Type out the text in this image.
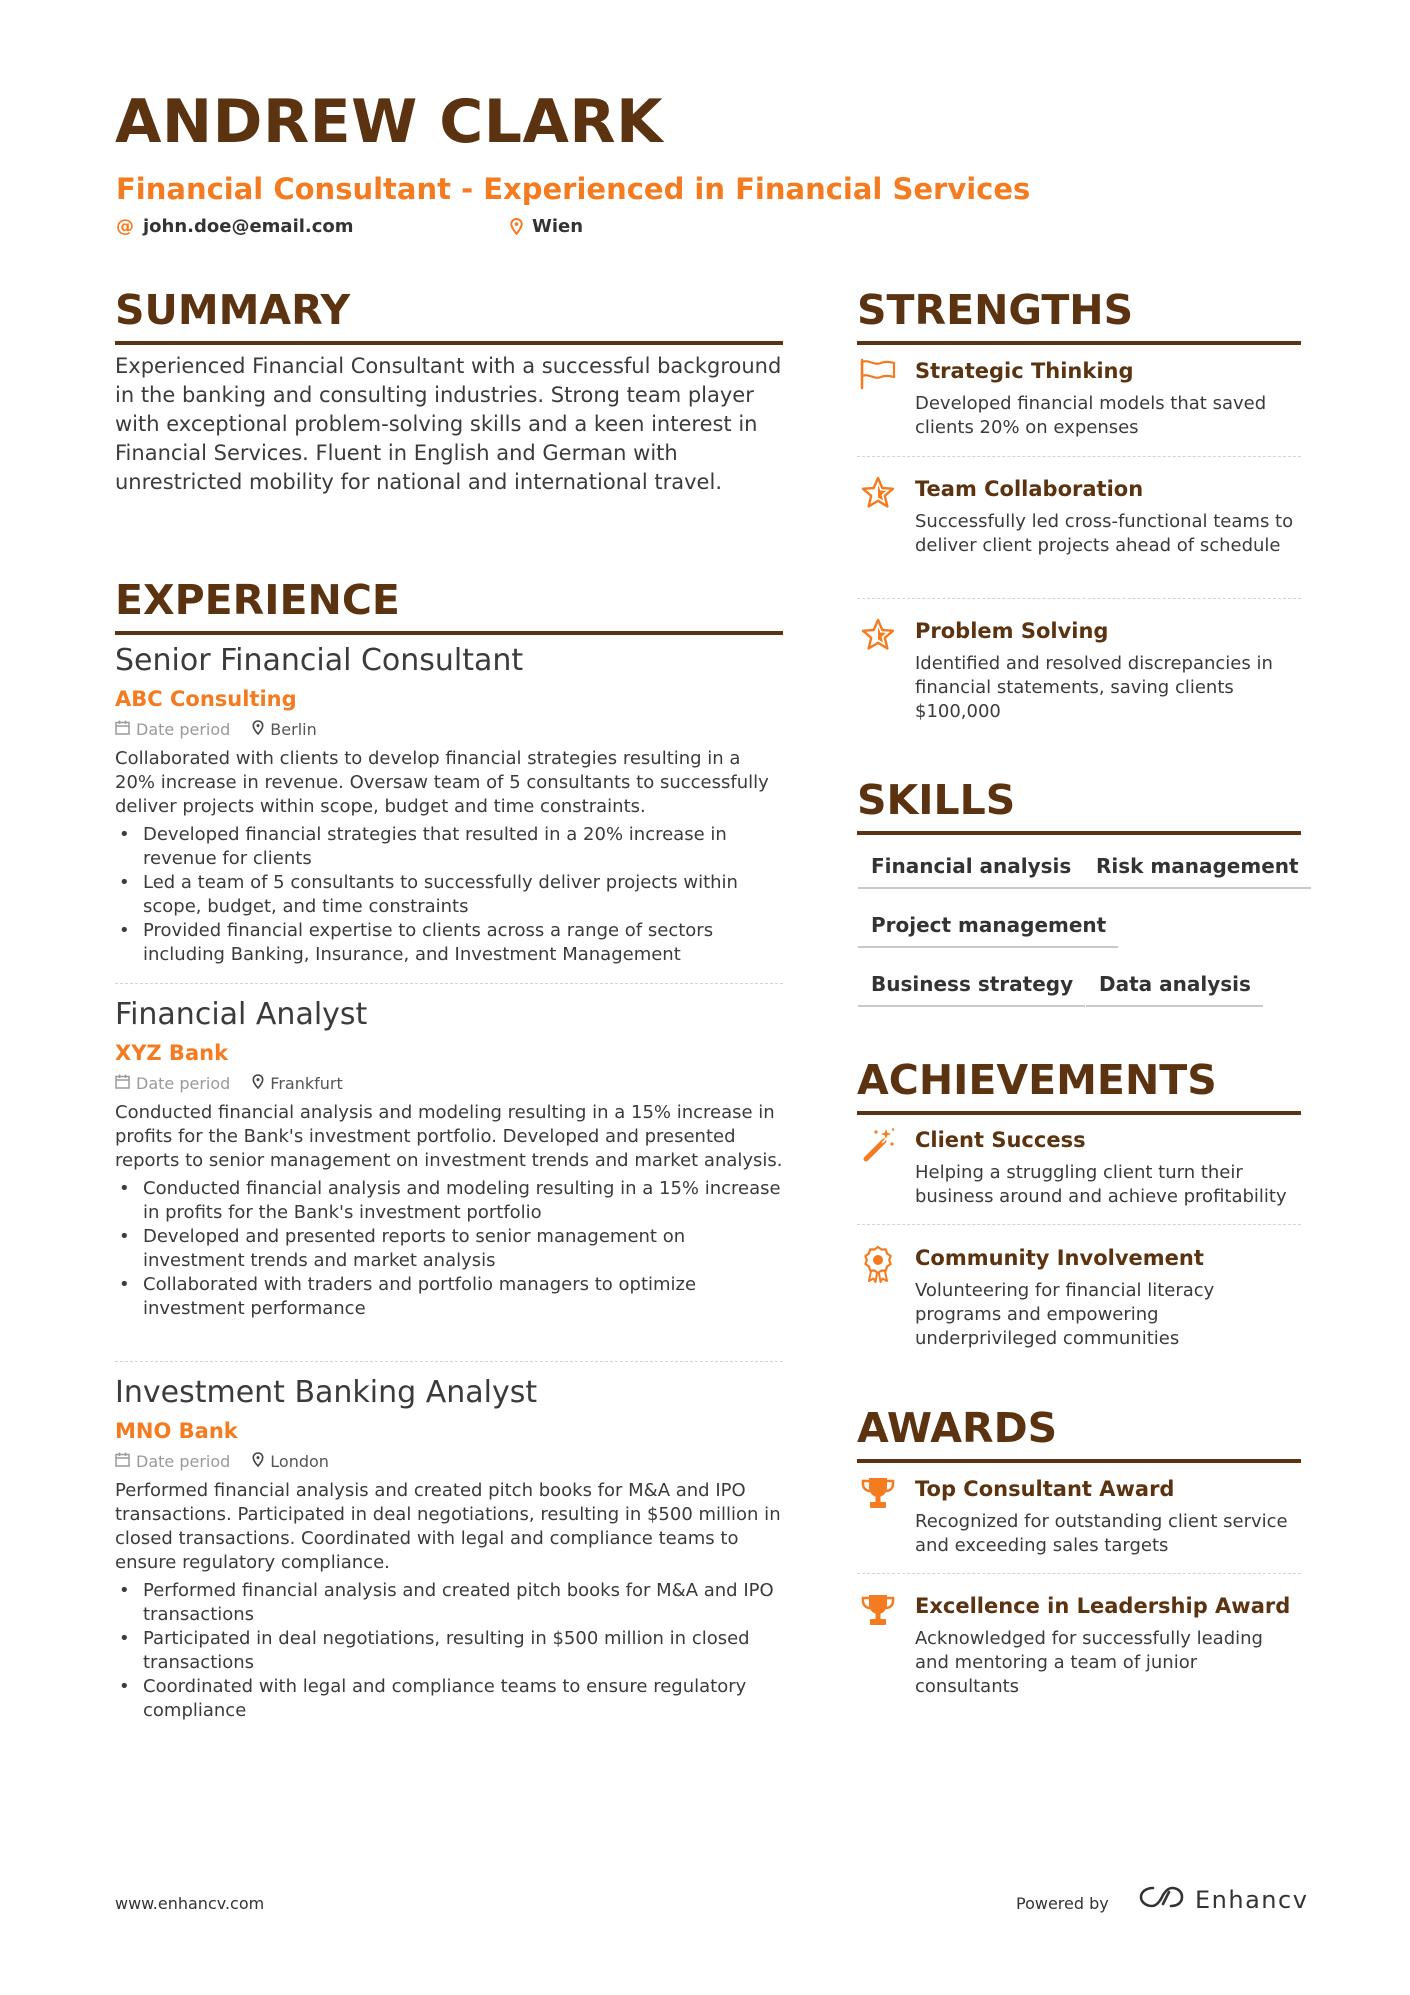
ANDREW CLARK
Financial Consultant - Experienced in Financial Services
@ john.doe@email.com	Wien
SUMMARY
Experienced Financial Consultant with a successful background in the banking and consulting industries. Strong team player with exceptional problem-solving skills and a keen interest in Financial Services. Fluent in English and German with unrestricted mobility for national and international travel.
EXPERIENCE
Senior Financial Consultant
ABC Consulting
Date period	Berlin
Collaborated with clients to develop financial strategies resulting in a 20% increase in revenue. Oversaw team of 5 consultants to successfully deliver projects within scope, budget and time constraints.
• Developed financial strategies that resulted in a 20% increase in revenue for clients
• Led a team of 5 consultants to successfully deliver projects within scope, budget, and time constraints
• Provided financial expertise to clients across a range of sectors including Banking, Insurance, and Investment Management
Financial Analyst
XYZ Bank
Date period	Frankfurt
Conducted financial analysis and modeling resulting in a 15% increase in profits for the Bank's investment portfolio. Developed and presented reports to senior management on investment trends and market analysis.
• Conducted financial analysis and modeling resulting in a 15% increase in profits for the Bank's investment portfolio
• Developed and presented reports to senior management on investment trends and market analysis
• Collaborated with traders and portfolio managers to optimize investment performance
Investment Banking Analyst
MNO Bank
Date period	London
Performed financial analysis and created pitch books for M&A and IPO transactions. Participated in deal negotiations, resulting in $500 million in closed transactions. Coordinated with legal and compliance teams to ensure regulatory compliance.
• Performed financial analysis and created pitch books for M&A and IPO transactions
• Participated in deal negotiations, resulting in $500 million in closed transactions
• Coordinated with legal and compliance teams to ensure regulatory compliance
STRENGTHS
Strategic Thinking
Developed financial models that saved clients 20% on expenses
Team Collaboration
Successfully led cross-functional teams to deliver client projects ahead of schedule
Problem Solving
Identified and resolved discrepancies in financial statements, saving clients $100,000
SKILLS
Financial analysis	Risk management
Project management
Business strategy	Data analysis
ACHIEVEMENTS
Client Success
Helping a struggling client turn their business around and achieve profitability
Community Involvement
Volunteering for financial literacy programs and empowering underprivileged communities
AWARDS
Top Consultant Award
Recognized for outstanding client service and exceeding sales targets
Excellence in Leadership Award
Acknowledged for successfully leading and mentoring a team of junior consultants
www.enhancv.com	Powered by	Enhancv
